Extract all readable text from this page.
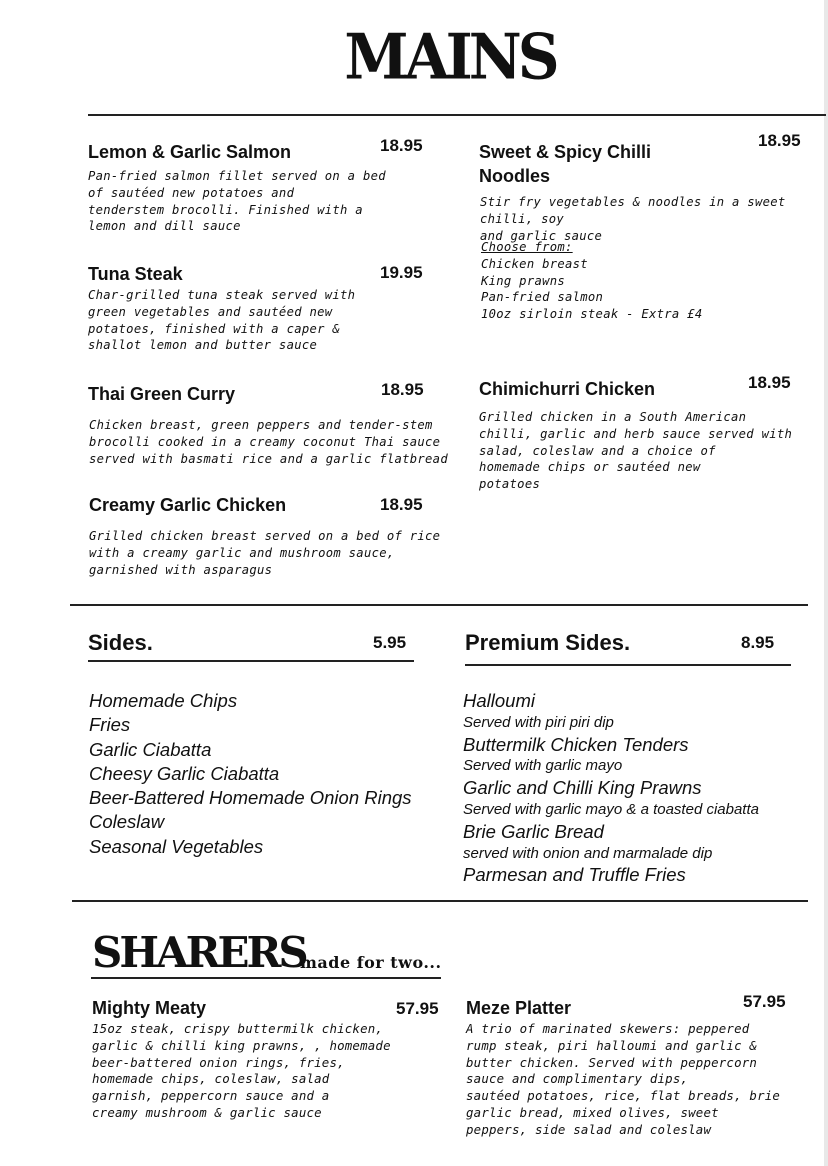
MAINS
Lemon & Garlic Salmon	18.95
Pan-fried salmon fillet served on a bed
of sautéed new potatoes and
tenderstem brocolli. Finished with a
lemon and dill sauce
Tuna Steak	19.95
Char-grilled tuna steak served with
green vegetables and sautéed new
potatoes, finished with a caper &
shallot lemon and butter sauce
Thai Green Curry	18.95
Chicken breast, green peppers and tender-stem
brocolli cooked in a creamy coconut Thai sauce
served with basmati rice and a garlic flatbread
Creamy Garlic Chicken	18.95
Grilled chicken breast served on a bed of rice
with a creamy garlic and mushroom sauce,
garnished with asparagus
Sweet & Spicy Chilli
Noodles
18.95
Stir fry vegetables & noodles in a sweet chilli, soy
and garlic sauce
Choose from:
Chicken breast
King prawns
Pan-fried salmon
10oz sirloin steak - Extra £4
Chimichurri Chicken	18.95
Grilled chicken in a South American
chilli, garlic and herb sauce served with
salad, coleslaw and a choice of
homemade chips or sautéed new
potatoes
Sides.	5.95
Homemade Chips
Fries
Garlic Ciabatta
Cheesy Garlic Ciabatta
Beer-Battered Homemade Onion Rings
Coleslaw
Seasonal Vegetables
Premium Sides.	8.95
Halloumi
Served with piri piri dip
Buttermilk Chicken Tenders
Served with garlic mayo
Garlic and Chilli King Prawns
Served with garlic mayo & a toasted ciabatta
Brie Garlic Bread
served with onion and marmalade dip
Parmesan and Truffle Fries
SHARERS
made for two...
Mighty Meaty	57.95
15oz steak, crispy buttermilk chicken,
garlic & chilli king prawns, , homemade
beer-battered onion rings, fries,
homemade chips, coleslaw, salad
garnish, peppercorn sauce and a
creamy mushroom & garlic sauce
Meze Platter	57.95
A trio of marinated skewers: peppered
rump steak, piri halloumi and garlic &
butter chicken. Served with peppercorn
sauce and complimentary dips,
sautéed potatoes, rice, flat breads, brie
garlic bread, mixed olives, sweet
peppers, side salad and coleslaw
